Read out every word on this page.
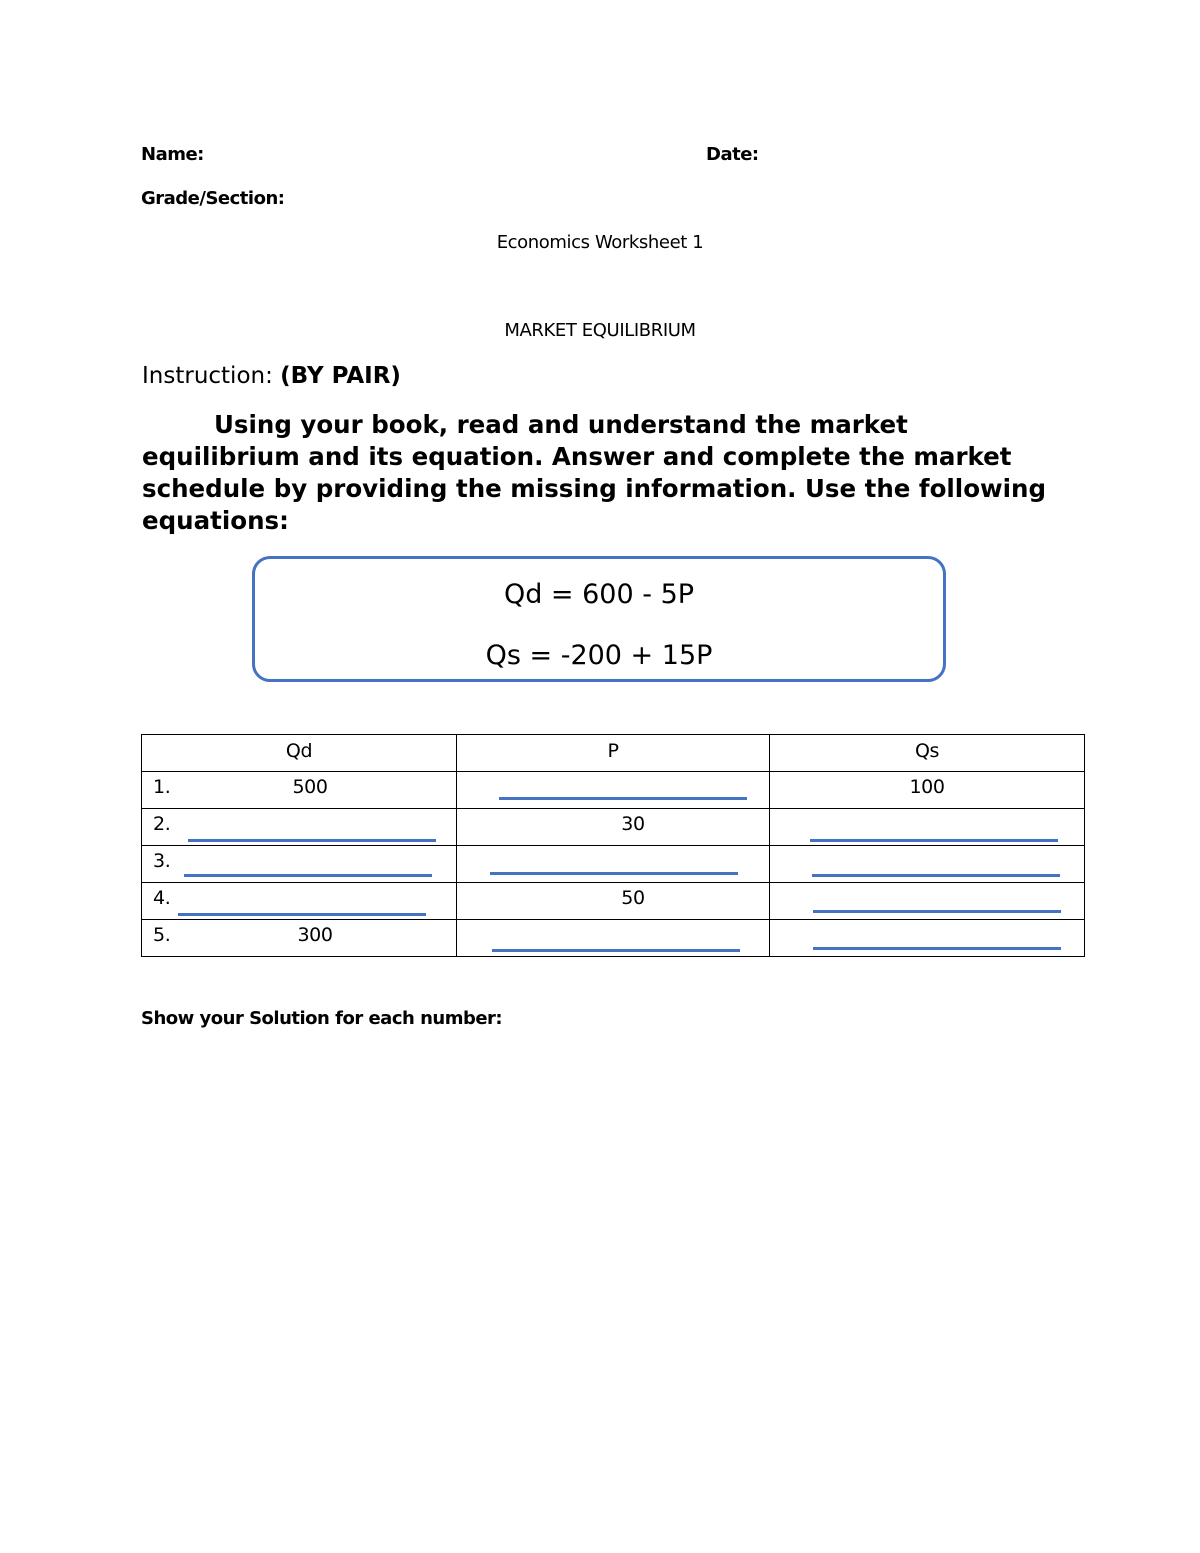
Name:	Date:
Grade/Section:
Economics Worksheet 1
MARKET EQUILIBRIUM
Instruction: (BY PAIR)

Using your book, read and understand the market equilibrium and its equation. Answer and complete the market schedule by providing the missing information. Use the following equations:

Qd = 600 - 5P
Qs = -200 + 15P
Qd	P	Qs

1. 500		100

2.	30	

3.		

4.	50	

5. 300		

Show your Solution for each number:
